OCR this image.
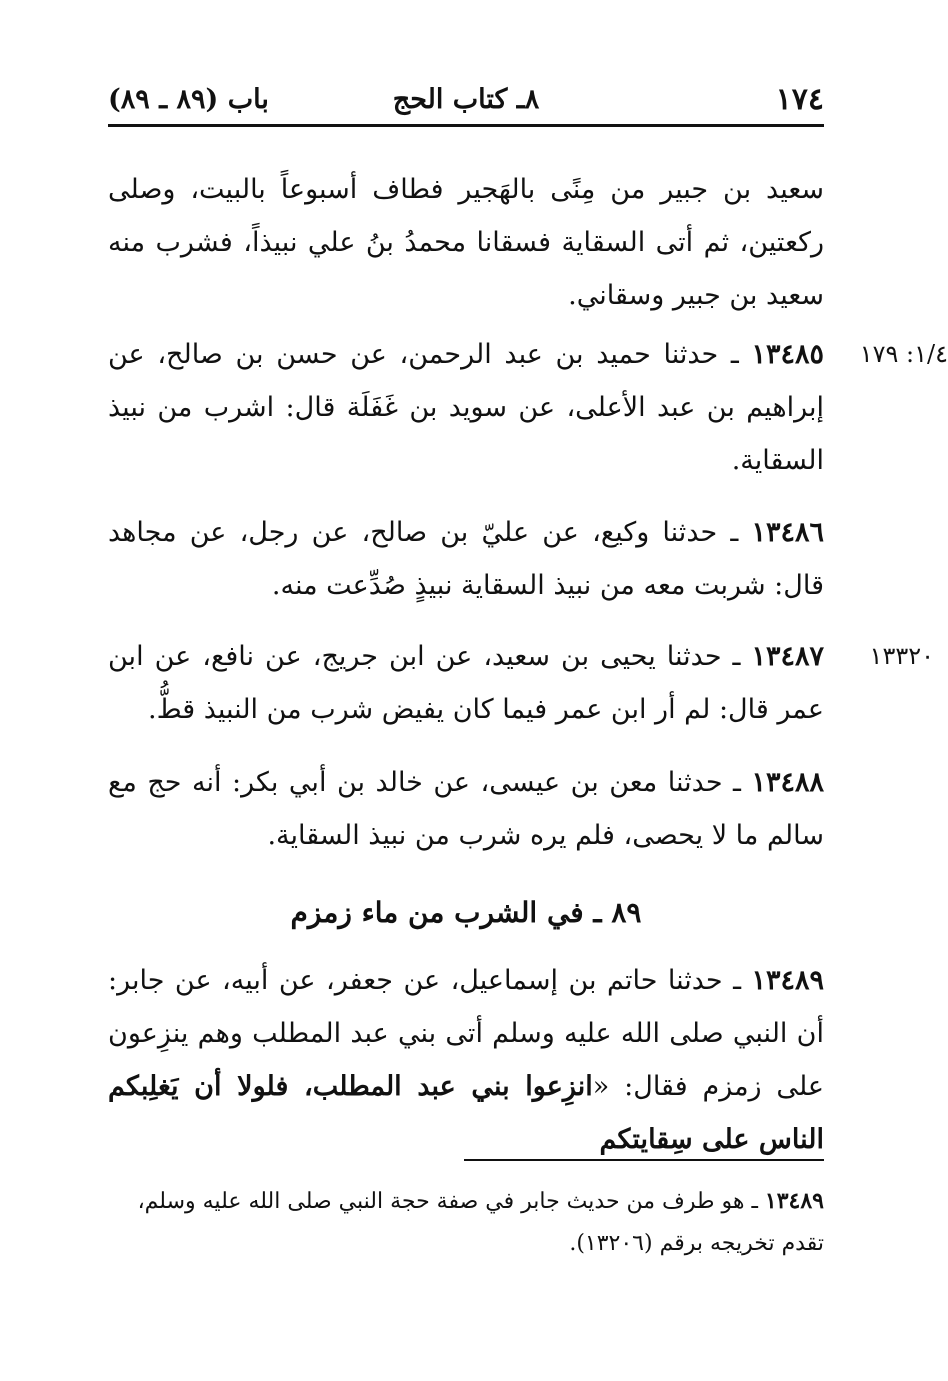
١٧٤
٨ـ كتاب الحج
باب (٨٩ ـ ٨٩)
سعيد بن جبير من مِنًى بالهَجير فطاف أسبوعاً بالبيت، وصلى ركعتين، ثم أتى السقاية فسقانا محمدُ بنُ علي نبيذاً، فشرب منه سعيد بن جبير وسقاني.
١/٤: ١٧٩
١٣٤٨٥ ـ حدثنا حميد بن عبد الرحمن، عن حسن بن صالح، عن إبراهيم بن عبد الأعلى، عن سويد بن غَفَلَة قال: اشرب من نبيذ السقاية.
١٣٤٨٦ ـ حدثنا وكيع، عن عليّ بن صالح، عن رجل، عن مجاهد قال: شربت معه من نبيذ السقاية نبيذٍ صُدِّعت منه.
١٣٣٢٠
١٣٤٨٧ ـ حدثنا يحيى بن سعيد، عن ابن جريج، عن نافع، عن ابن عمر قال: لم أر ابن عمر فيما كان يفيض شرب من النبيذ قطُّ.
١٣٤٨٨ ـ حدثنا معن بن عيسى، عن خالد بن أبي بكر: أنه حج مع سالم ما لا يحصى، فلم يره شرب من نبيذ السقاية.
٨٩ ـ في الشرب من ماء زمزم
١٣٤٨٩ ـ حدثنا حاتم بن إسماعيل، عن جعفر، عن أبيه، عن جابر: أن النبي صلى الله عليه وسلم أتى بني عبد المطلب وهم ينزِعون على زمزم فقال: «انزِعوا بني عبد المطلب، فلولا أن يَغلِبكم الناس على سِقايتكم
١٣٤٨٩ ـ هو طرف من حديث جابر في صفة حجة النبي صلى الله عليه وسلم، تقدم تخريجه برقم (١٣٢٠٦).
